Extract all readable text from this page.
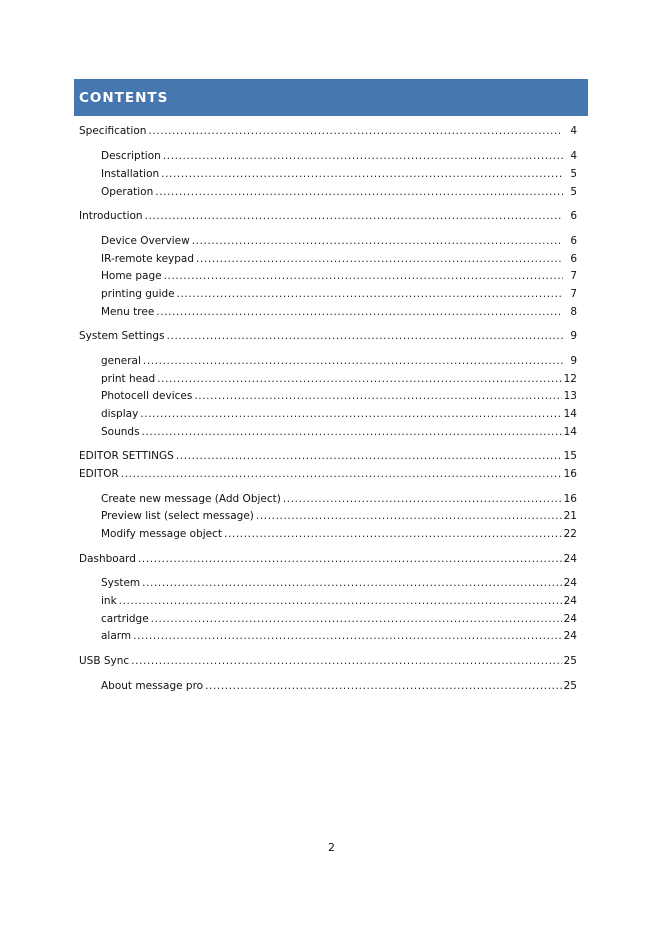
CONTENTS
Specification .....	4
Description .....	4
Installation .....	5
Operation .....	5
Introduction .....	6
Device Overview .....	6
IR-remote keypad .....	6
Home page .....	7
printing guide .....	7
Menu tree .....	8
System Settings .....	9
general .....	9
print head .....	12
Photocell devices .....	13
display .....	14
Sounds .....	14
EDITOR SETTINGS .....	15
EDITOR .....	16
Create new message (Add Object) .....	16
Preview list (select message) .....	21
Modify message object .....	22
Dashboard .....	24
System .....	24
ink .....	24
cartridge .....	24
alarm .....	24
USB Sync .....	25
About message pro .....	25
2
